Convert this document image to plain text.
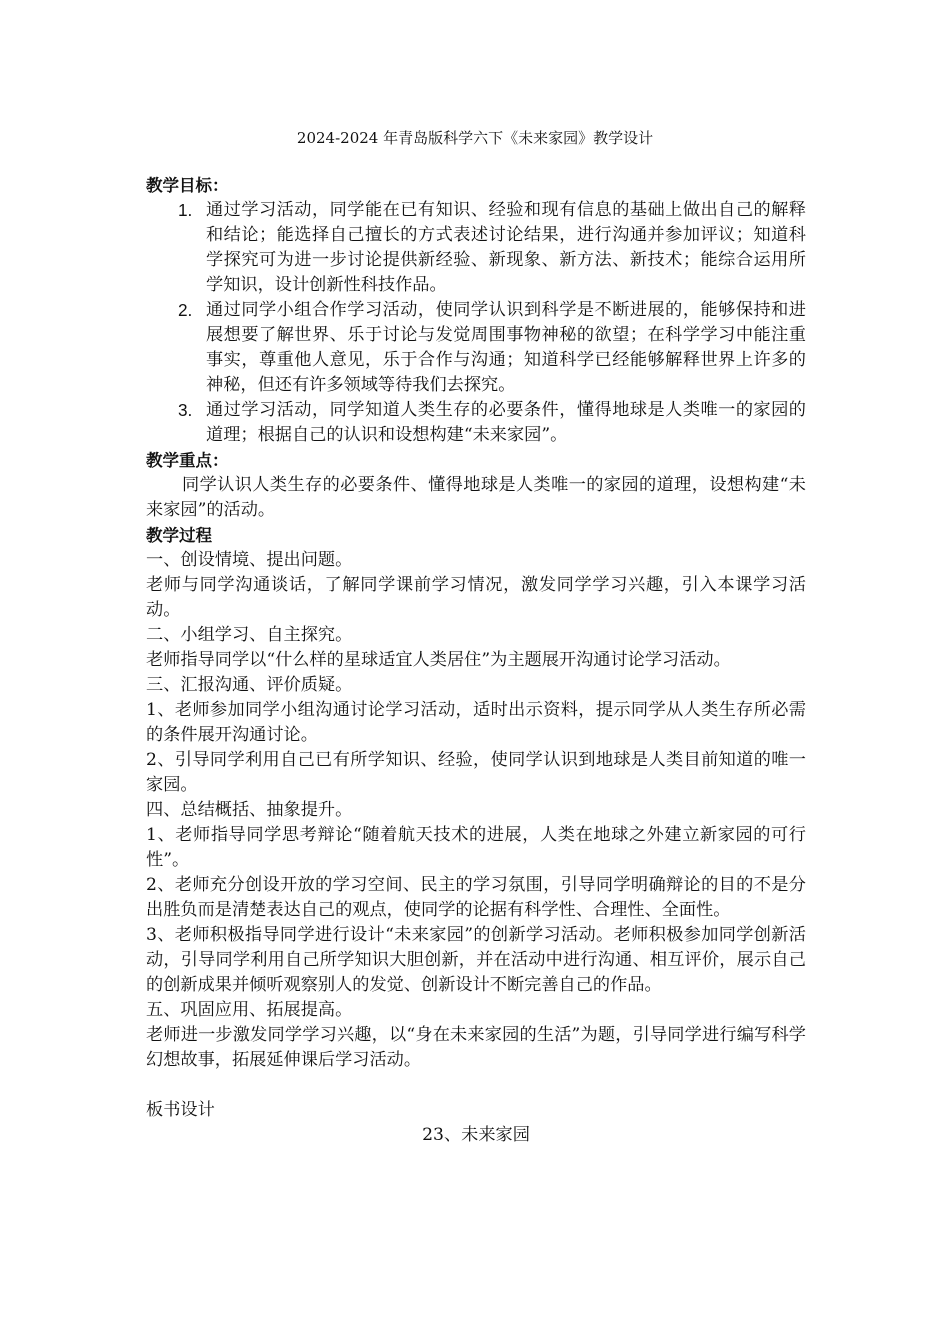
2024-2024 年青岛版科学六下《未来家园》教学设计
教学目标：
1. 通过学习活动，同学能在已有知识、经验和现有信息的基础上做出自己的解释和结论；能选择自己擅长的方式表述讨论结果，进行沟通并参加评议；知道科学探究可为进一步讨论提供新经验、新现象、新方法、新技术；能综合运用所学知识，设计创新性科技作品。
2. 通过同学小组合作学习活动，使同学认识到科学是不断进展的，能够保持和进展想要了解世界、乐于讨论与发觉周围事物神秘的欲望；在科学学习中能注重事实，尊重他人意见，乐于合作与沟通；知道科学已经能够解释世界上许多的神秘，但还有许多领域等待我们去探究。
3. 通过学习活动，同学知道人类生存的必要条件，懂得地球是人类唯一的家园的道理；根据自己的认识和设想构建“未来家园”。
教学重点：

同学认识人类生存的必要条件、懂得地球是人类唯一的家园的道理，设想构建“未来家园”的活动。

教学过程

一、创设情境、提出问题。

老师与同学沟通谈话，了解同学课前学习情况，激发同学学习兴趣，引入本课学习活动。

二、小组学习、自主探究。

老师指导同学以“什么样的星球适宜人类居住”为主题展开沟通讨论学习活动。

三、汇报沟通、评价质疑。

1、老师参加同学小组沟通讨论学习活动，适时出示资料，提示同学从人类生存所必需的条件展开沟通讨论。

2、引导同学利用自己已有所学知识、经验，使同学认识到地球是人类目前知道的唯一家园。

四、总结概括、抽象提升。

1、老师指导同学思考辩论“随着航天技术的进展，人类在地球之外建立新家园的可行性”。

2、老师充分创设开放的学习空间、民主的学习氛围，引导同学明确辩论的目的不是分出胜负而是清楚表达自己的观点，使同学的论据有科学性、合理性、全面性。

3、老师积极指导同学进行设计“未来家园”的创新学习活动。老师积极参加同学创新活动，引导同学利用自己所学知识大胆创新，并在活动中进行沟通、相互评价，展示自己的创新成果并倾听观察别人的发觉、创新设计不断完善自己的作品。

五、巩固应用、拓展提高。

老师进一步激发同学学习兴趣，以“身在未来家园的生活”为题，引导同学进行编写科学幻想故事，拓展延伸课后学习活动。

板书设计

23、未来家园
